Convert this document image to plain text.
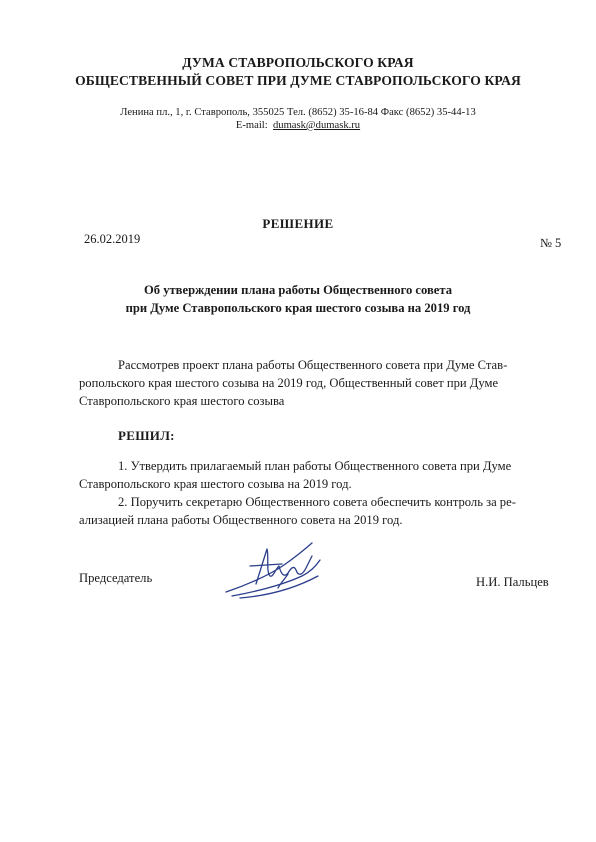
ДУМА СТАВРОПОЛЬСКОГО КРАЯ
ОБЩЕСТВЕННЫЙ СОВЕТ ПРИ ДУМЕ СТАВРОПОЛЬСКОГО КРАЯ
Ленина пл., 1, г. Ставрополь, 355025 Тел. (8652) 35-16-84 Факс (8652) 35-44-13
E-mail: dumask@dumask.ru
РЕШЕНИЕ
26.02.2019	№ 5
Об утверждении плана работы Общественного совета
при Думе Ставропольского края шестого созыва на 2019 год
Рассмотрев проект плана работы Общественного совета при Думе Став-
ропольского края шестого созыва на 2019 год, Общественный совет при Думе
Ставропольского края шестого созыва
РЕШИЛ:
1. Утвердить прилагаемый план работы Общественного совета при Думе
Ставропольского края шестого созыва на 2019 год.
2. Поручить секретарю Общественного совета обеспечить контроль за ре-
ализацией плана работы Общественного совета на 2019 год.
Председатель	Н.И. Пальцев
